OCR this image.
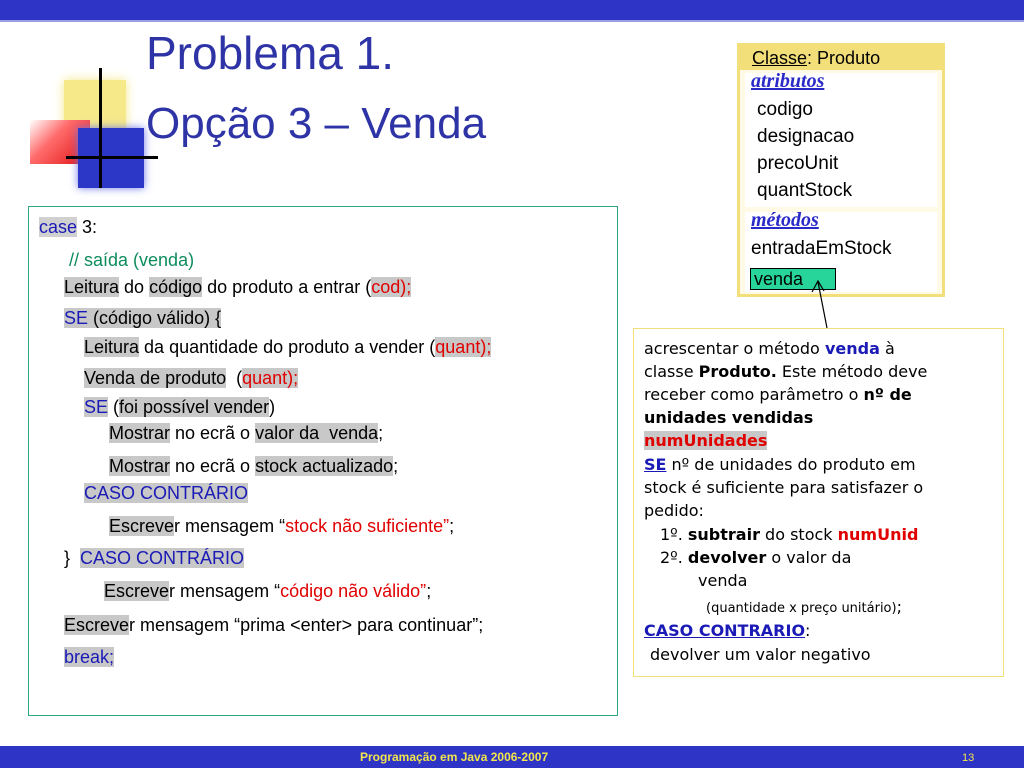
Problema 1.
Opção 3 – Venda
Classe: Produto
atributos
codigo
designacao
precoUnit
quantStock
métodos
entradaEmStock
venda
case 3:
// saída (venda)
Leitura do código do produto a entrar (cod);
SE (código válido) {
Leitura da quantidade do produto a vender (quant);
Venda de produto  (quant);
SE (foi possível vender)
Mostrar no ecrã o valor da  venda;
Mostrar no ecrã o stock actualizado;
CASO CONTRÁRIO
Escrever mensagem “stock não suficiente”;
} CASO CONTRÁRIO
Escrever mensagem “código não válido”;
Escrever mensagem “prima <enter> para continuar”;
break;
acrescentar o método venda à
classe Produto. Este método deve
receber como parâmetro o nº de
unidades vendidas
numUnidades
SE nº de unidades do produto em
stock é suficiente para satisfazer o
pedido:
1º. subtrair do stock numUnid
2º. devolver o valor da
venda
(quantidade x preço unitário);
CASO CONTRARIO:
devolver um valor negativo
Programação em Java 2006-2007	13
